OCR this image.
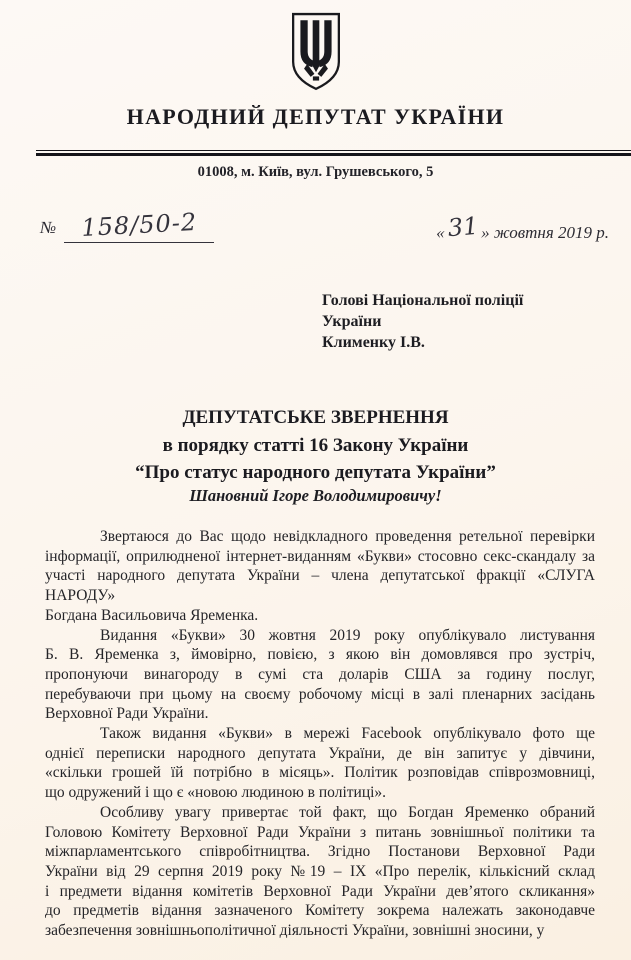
НАРОДНИЙ ДЕПУТАТ УКРАЇНИ
01008, м. Київ, вул. Грушевського, 5
№	158/50-2	«31 » жовтня 2019 р.
Голові Національної поліції
України
Клименку І.В.
ДЕПУТАТСЬКЕ ЗВЕРНЕННЯ
в порядку статті 16 Закону України
“Про статус народного депутата України”
Шановний Ігоре Володимировичу!
Звертаюся до Вас щодо невідкладного проведення ретельної перевірки
інформації, оприлюдненої інтернет-виданням «Букви» стосовно секс-скандалу за
участі народного депутата України – члена депутатської фракції «СЛУГА НАРОДУ»
Богдана Васильовича Яременка.
Видання «Букви» 30 жовтня 2019 року опублікувало листування
Б. В. Яременка з, ймовірно, повією, з якою він домовлявся про зустріч,
пропонуючи винагороду в сумі ста доларів США за годину послуг,
перебуваючи при цьому на своєму робочому місці в залі пленарних засідань
Верховної Ради України.
Також видання «Букви» в мережі Facebook опублікувало фото ще
однієї переписки народного депутата України, де він запитує у дівчини,
«скільки грошей їй потрібно в місяць». Політик розповідав співрозмовниці,
що одружений і що є «новою людиною в політиці».
Особливу увагу привертає той факт, що Богдан Яременко обраний
Головою Комітету Верховної Ради України з питань зовнішньої політики та
міжпарламентського співробітництва. Згідно Постанови Верховної Ради
України від 29 серпня 2019 року №19 – ІХ «Про перелік, кількісний склад
і предмети відання комітетів Верховної Ради України дев’ятого скликання»
до предметів відання зазначеного Комітету зокрема належать законодавче
забезпечення зовнішньополітичної діяльності України, зовнішні зносини, у
